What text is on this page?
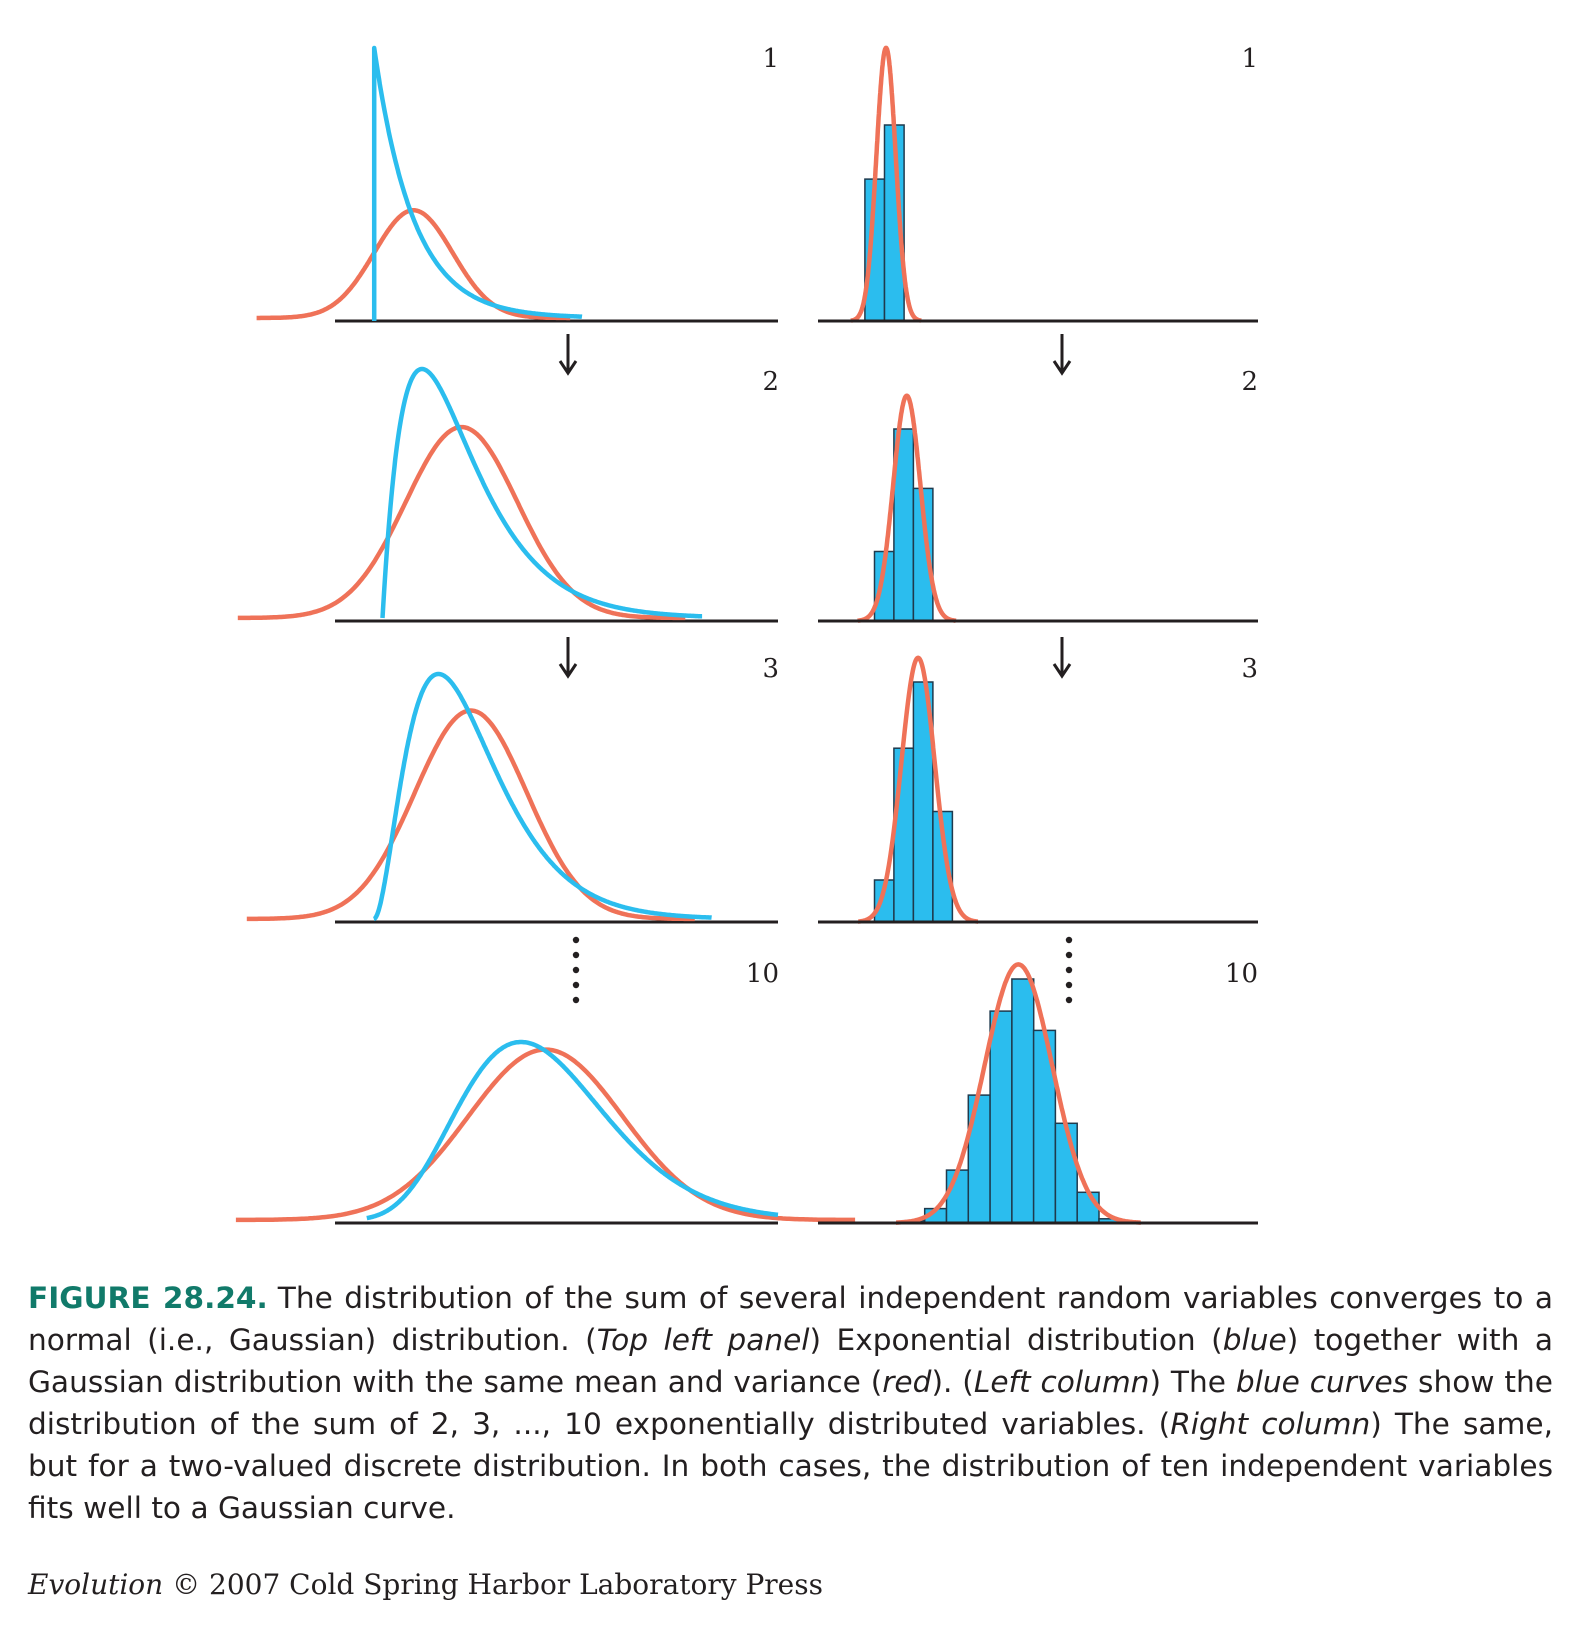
1
2
3
10
1
2
3
10

FIGURE 28.24. The distribution of the sum of several independent random variables converges to a normal (i.e., Gaussian) distribution. (Top left panel) Exponential distribution (blue) together with a Gaussian distribution with the same mean and variance (red). (Left column) The blue curves show the distribution of the sum of 2, 3, ..., 10 exponentially distributed variables. (Right column) The same, but for a two-valued discrete distribution. In both cases, the distribution of ten independent variables fits well to a Gaussian curve.

Evolution © 2007 Cold Spring Harbor Laboratory Press
